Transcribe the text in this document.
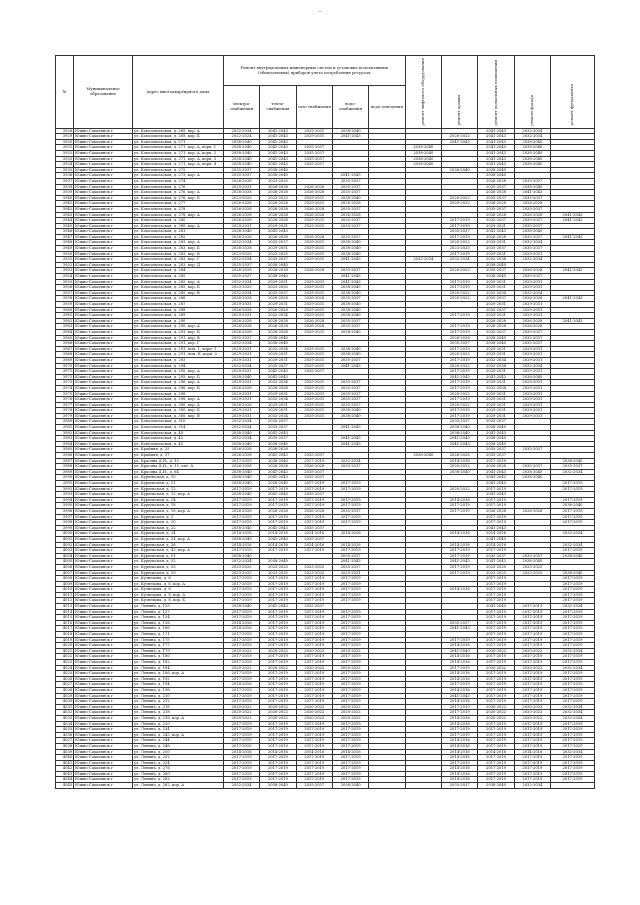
-
№	Муниципальное образование	Адрес многоквартирного дома	Ремонт внутридомовых инженерных систем и установка коллективных (общедомовых) приборов учета потребления ресурсов					ремонт лифтового оборудования	ремонт крыши	ремонт подвальных помещений	ремонт фасада	ремонт фундамента

			электро-снабжения	тепло-снабжения	газо-снабжения	водо-снабжения	водо-отведения					
3928	Южно-Сахалинск г	ул. Комсомольская, д. 269, кор. А	2032-2034	2041-2043	2029-2031	2038-2040				2041-2043	2032-2034	
3929	Южно-Сахалинск г	ул. Комсомольская, д. 269, кор. Б	2022-2024	2041-2043	2029-2031	2041-2043			2020-2022	2041-2043	2032-2034	
3930	Южно-Сахалинск г	ул. Комсомольская, д. 271	2038-2040	2041-2043					2041-2043	2041-2043	2038-2040	
3931	Южно-Сахалинск г	ул. Комсомольская, д. 271, кор. А, корп. 1	2038-2040	2041-2043	2035-2037			2038-2040		2041-2043	2038-2040	
3932	Южно-Сахалинск г	ул. Комсомольская, д. 271, кор. А, корп. 2	2038-2040	2041-2043	2035-2037			2038-2040		2041-2043	2038-2040	
3933	Южно-Сахалинск г	ул. Комсомольская, д. 271, кор. А, корп. 3	2038-2040	2041-2043	2035-2037			2038-2040		2041-2043	2038-2040	
3934	Южно-Сахалинск г	ул. Комсомольская, д. 271, кор. А, корп. 4	2038-2040	2041-2043	2035-2037			2038-2040		2041-2043	2038-2040	
3935	Южно-Сахалинск г	ул. Комсомольская, д. 272	2035-2037	2038-2040					2038-2040	2038-2040		
3936	Южно-Сахалинск г	ул. Комсомольская, д. 273, кор. А	2035-2037	2038-2040		2041-2043				2038-2040		
3937	Южно-Сахалинск г	ул. Комсомольская, д. 274	2026-2028	2023-2025		2035-2037				2026-2028	2035-2037	
3938	Южно-Сахалинск г	ул. Комсомольская, д. 276	2029-2031	2026-2028	2026-2028	2035-2037				2035-2037	2038-2040	
3939	Южно-Сахалинск г	ул. Комсомольская, д. 276, кор. А	2026-2028	2026-2028	2026-2028	2035-2037				2026-2028	2041-2043	
3940	Южно-Сахалинск г	ул. Комсомольская, д. 276, кор. Б	2023-2025	2023-2025	2029-2031	2038-2040			2020-2022	2035-2037	2035-2037	
3941	Южно-Сахалинск г	ул. Комсомольская, д. 277	2026-2028	2026-2028	2029-2031	2026-2028			2020-2022	2026-2028	2026-2028	
3942	Южно-Сахалинск г	ул. Комсомольская, д. 278	2026-2028	2026-2028	2026-2028	2035-2037				2035-2037	2035-2037	
3943	Южно-Сахалинск г	ул. Комсомольская, д. 278, кор. А	2026-2028	2026-2028	2026-2028	2026-2028				2026-2028	2026-2028	2041-2043
3944	Южно-Сахалинск г	ул. Комсомольская, д. 280	2026-2028	2026-2028	2029-2031	2035-2037			2017-2019	2035-2037	2035-2037	2041-2043
3945	Южно-Сахалинск г	ул. Комсомольская, д. 280, кор. А	2029-2031	2029-2031	2029-2031	2035-2037			2017-2019	2029-2031	2035-2037	
3946	Южно-Сахалинск г	ул. Комсомольская, д. 281	2038-2040	2041-2043					2035-2037	2041-2043	2038-2040	
3947	Южно-Сахалинск г	ул. Комсомольская, д. 282	2026-2028	2026-2028	2026-2028	2035-2037			2017-2019	2026-2028	2035-2037	2041-2043
3948	Южно-Сахалинск г	ул. Комсомольская, д. 283, кор. А	2032-2034	2035-2037	2029-2031	2038-2040			2020-2022	2029-2031	2032-2034	
3949	Южно-Сахалинск г	ул. Комсомольская, д. 283, кор. Б	2026-2028	2029-2031	2029-2031	2038-2040			2023-2025	2035-2037	2035-2037	
3950	Южно-Сахалинск г	ул. Комсомольская, д. 283, кор. В	2023-2025	2023-2025	2029-2031	2038-2040			2017-2019	2029-2031	2029-2031	
3951	Южно-Сахалинск г	ул. Комсомольская, д. 283, кор. Г	2032-2034	2035-2037	2029-2031	2041-2043		2032-2034	2032-2034	2032-2034	2032-2034	
3952	Южно-Сахалинск г	ул. Комсомольская, д. 283, кор. Д	2035-2037	2038-2040						2038-2040		
3953	Южно-Сахалинск г	ул. Комсомольская, д. 284	2026-2028	2026-2028	2026-2028	2035-2037			2020-2022	2035-2037	2026-2028	2041-2043
3954	Южно-Сахалинск г	ул. Комсомольская, д. 285	2035-2037	2038-2040		2041-2043				2038-2040	2035-2037	
3955	Южно-Сахалинск г	ул. Комсомольская, д. 285, кор. А	2032-2034	2029-2031	2029-2031	2041-2043			2017-2019	2029-2031	2029-2031	
3956	Южно-Сахалинск г	ул. Комсомольская, д. 285, кор. Б	2023-2025	2023-2025	2029-2031	2038-2040			2017-2019	2029-2031	2029-2031	
3957	Южно-Сахалинск г	ул. Комсомольская, д. 285, кор. В	2032-2034	2035-2037	2029-2031	2038-2040			2020-2022	2032-2034	2032-2034	
3958	Южно-Сахалинск г	ул. Комсомольская, д. 286	2026-2028	2026-2028	2026-2028	2035-2037			2020-2022	2035-2037	2026-2028	2041-2043
3959	Южно-Сахалинск г	ул. Комсомольская, д. 287	2029-2031	2029-2031	2029-2031	2038-2040				2029-2031	2029-2031	
3960	Южно-Сахалинск г	ул. Комсомольская, д. 288	2026-2028	2026-2028	2029-2031	2038-2040				2035-2037	2029-2031	
3961	Южно-Сахалинск г	ул. Комсомольская, д. 289	2029-2031	2032-2034	2029-2031	2038-2040			2017-2019	2029-2031	2029-2031	
3962	Южно-Сахалинск г	ул. Комсомольская, д. 290	2026-2028	2026-2028	2026-2028	2035-2037				2026-2028	2026-2028	2041-2043
3963	Южно-Сахалинск г	ул. Комсомольская, д. 290, кор. А	2026-2028	2026-2028	2026-2028	2035-2037			2017-2019	2026-2028	2026-2028	
3964	Южно-Сахалинск г	ул. Комсомольская, д. 291, кор. Б	2026-2028	2026-2028	2029-2031	2038-2040			2017-2019	2035-2037	2035-2037	
3965	Южно-Сахалинск г	ул. Комсомольская, д. 291, кор. В	2035-2037	2038-2040					2026-2028	2038-2040	2035-2037	
3966	Южно-Сахалинск г	ул. Комсомольская, д. 291, кор. Г	2032-2034	2038-2040					2035-2037	2038-2040	2035-2037	
3967	Южно-Сахалинск г	ул. Комсомольская, д. 291, пом. 1, корп. 1	2029-2031	2032-2034	2029-2031	2038-2040			2017-2019	2029-2031	2029-2031	
3968	Южно-Сахалинск г	ул. Комсомольская, д. 291, пом. II, корп. 2	2029-2031	2029-2031	2029-2031	2038-2040			2020-2022	2029-2031	2029-2031	
3969	Южно-Сахалинск г	ул. Комсомольская, д. 293	2029-2031	2029-2031	2029-2031	2035-2037			2017-2019	2032-2034	2029-2031	
3970	Южно-Сахалинск г	ул. Комсомольская, д. 294	2032-2034	2035-2037	2029-2031	2041-2043			2020-2022	2032-2034	2032-2034	
3971	Южно-Сахалинск г	ул. Комсомольская, д. 295, кор. А	2029-2031	2041-2043	2035-2037				2017-2019	2029-2031	2029-2031	
3972	Южно-Сахалинск г	ул. Комсомольская, д. 295, кор. Б	2038-2040	2041-2043					2041-2043	2041-2043	2038-2040	
3973	Южно-Сахалинск г	ул. Комсомольская, д. 296, кор. А	2029-2031	2032-2034	2029-2031	2035-2037			2017-2019	2029-2031	2029-2031	
3974	Южно-Сахалинск г	ул. Комсомольская, д. 296, кор. Б	2026-2028	2026-2028	2029-2031	2035-2037			2017-2019	2032-2034	2029-2031	
3975	Южно-Сахалинск г	ул. Комсомольская, д. 298	2029-2031	2029-2031	2029-2031	2035-2037			2020-2022	2029-2031	2029-2031	
3976	Южно-Сахалинск г	ул. Комсомольская, д. 298, кор. А	2029-2031	2032-2034	2029-2031	2035-2037			2017-2019	2029-2031	2029-2031	
3977	Южно-Сахалинск г	ул. Комсомольская, д. 300, кор. А	2026-2028	2029-2031	2029-2031	2035-2037			2020-2022	2029-2031	2029-2031	
3978	Южно-Сахалинск г	ул. Комсомольская, д. 300, кор. Б	2029-2031	2029-2031	2029-2031	2038-2040			2017-2019	2029-2031	2029-2031	
3979	Южно-Сахалинск г	ул. Комсомольская, д. 300, кор. В	2029-2031	2032-2034	2029-2031	2038-2040			2017-2019	2029-2031	2029-2031	
3980	Южно-Сахалинск г	ул. Комсомольская, д. 310	2032-2034	2035-2037					2035-2037	2035-2037		
3981	Южно-Сахалинск г	ул. Комсомольская, д. 314	2032-2034	2035-2037		2041-2043			2038-2040	2038-2040		
3982	Южно-Сахалинск г	ул. Комсомольская, д. 40	2038-2040	2041-2043					2038-2040	2041-2043		
3983	Южно-Сахалинск г	ул. Комсомольская, д. 42	2032-2034	2035-2037		2041-2043			2041-2043	2038-2040		
3984	Южно-Сахалинск г	ул. Комсомольская, д. 45	2038-2040	2038-2040		2041-2043			2041-2043	2038-2040		
3985	Южно-Сахалинск г	ул. Крайняя, д. 25	2026-2028	2026-2028						2035-2037	2035-2037	
3986	Южно-Сахалинск г	ул. Крайняя, д. 37	2026-2028	2041-2043	2035-2037			2038-2040	2026-2028	2035-2037		
3987	Южно-Сахалинск г	ул. Красина Д.И., д. 15	2017-2019	2038-2040	2017-2019	2032-2034			2014-2016	2017-2019		2038-2040
3988	Южно-Сахалинск г	ул. Красина Д.И., д. 15, лит. А	2026-2028	2026-2028	2026-2028	2035-2037			2020-2022	2026-2028	2035-2037	2035-2037
3989	Южно-Сахалинск г	ул. Красина Д.И., д. 64	2038-2040	2041-2043	2035-2037				2038-2040	2041-2043	2038-2040	2032-2034
3990	Южно-Сахалинск г	ул. Курильская, д. 10	2038-2040	2041-2043	2035-2037					2041-2043	2038-2040	
3991	Южно-Сахалинск г	ул. Курильская, д. 11	2038-2040	2038-2040	2017-2019	2017-2019				2041-2043		2017-2019
3992	Южно-Сахалинск г	ул. Курильская, д. 12	2017-2019	2017-2019	2017-2019	2017-2019			2020-2022	2017-2019		2017-2019
3993	Южно-Сахалинск г	ул. Курильская, д. 12, кор. А	2038-2040	2041-2043	2035-2037					2041-2043		
3994	Южно-Сахалинск г	ул. Курильская, д. 14	2017-2019	2017-2019	2017-2019	2017-2019			2014-2016	2017-2019		2017-2019
3995	Южно-Сахалинск г	ул. Курильская, д. 18	2017-2019	2017-2019	2017-2019	2017-2019			2017-2019	2017-2019		2038-2040
3996	Южно-Сахалинск г	ул. Курильская, д. 18, кор. А	2026-2028	2026-2028	2026-2028	2035-2037			2017-2019	2026-2028	2026-2028	2017-2019
3997	Южно-Сахалинск г	ул. Курильская, д. 2	2017-2019	2017-2019	2017-2019	2017-2019				2017-2019		2017-2019
3998	Южно-Сахалинск г	ул. Курильская, д. 20	2017-2019	2017-2019	2017-2019	2017-2019				2017-2019		2017-2019
3999	Южно-Сахалинск г	ул. Курильская, д. 22	2038-2040	2041-2043	2035-2037					2041-2043		
4000	Южно-Сахалинск г	ул. Курильская, д. 24	2014-2016	2014-2016	2014-2016	2014-2016			2014-2016	2014-2016		2032-2034
4001	Южно-Сахалинск г	ул. Курильская, д. 24, кор. А	2038-2040	2041-2043	2035-2037					2041-2043		
4002	Южно-Сахалинск г	ул. Курильская, д. 26	2014-2016	2014-2016	2014-2016	2014-2016			2014-2016	2014-2016		2032-2034
4003	Южно-Сахалинск г	ул. Курильская, д. 43, кор. А	2017-2019	2017-2019	2017-2019	2017-2019			2017-2019	2017-2019		2017-2019
4004	Южно-Сахалинск г	ул. Курильская, д. 51	2038-2040			2035-2037			2017-2019	2035-2037	2035-2037	2038-2040
4005	Южно-Сахалинск г	ул. Курильская, д. 52	2032-2034	2038-2040		2041-2043			2041-2043	2041-2043	2038-2040	
4006	Южно-Сахалинск г	ул. Курильская, д. 53	2023-2025	2023-2025	2023-2025	2035-2037			2017-2019	2023-2025	2023-2025	
4007	Южно-Сахалинск г	ул. Курильская, д. 59	2023-2025	2023-2025	2023-2025	2029-2031			2017-2019	2023-2025	2023-2025	2038-2040
4008	Южно-Сахалинск г	ул. Кузнецова, д. 6	2017-2019	2017-2019	2017-2019	2017-2019				2017-2019		2017-2019
4009	Южно-Сахалинск г	ул. Кузнецова, д. 6, кор. А	2017-2019	2017-2019	2017-2019	2017-2019				2017-2019		2017-2019
4010	Южно-Сахалинск г	ул. Кузнецова, д. 8	2017-2019	2017-2019	2017-2019	2017-2019			2014-2016	2017-2019		2017-2019
4011	Южно-Сахалинск г	ул. Кузнецова, д. 8, кор. А	2017-2019	2017-2019	2017-2019	2017-2019				2017-2019		2017-2019
4012	Южно-Сахалинск г	ул. Кузнецова, д. 8, кор. Б	2017-2019	2017-2019	2017-2019	2017-2019				2017-2019		2017-2019
4013	Южно-Сахалинск г	ул. Ленина, д. 125	2038-2040	2041-2043	2035-2037					2041-2043	2017-2019	2032-2034
4014	Южно-Сахалинск г	ул. Ленина, д. 127	2017-2019	2017-2019	2017-2019	2017-2019				2017-2019	2017-2019	2017-2019
4015	Южно-Сахалинск г	ул. Ленина, д. 154	2017-2019	2017-2019	2017-2019	2017-2019				2017-2019	2017-2019	2017-2019
4016	Южно-Сахалинск г	ул. Ленина, д. 156	2014-2016	2017-2019	2017-2019	2017-2019			2035-2037	2017-2019	2017-2019	2017-2019
4017	Южно-Сахалинск г	ул. Ленина, д. 166	2014-2016	2017-2019	2017-2019	2017-2019			2041-2043	2017-2019	2017-2019	2017-2019
4018	Южно-Сахалинск г	ул. Ленина, д. 171	2017-2019	2017-2019	2017-2019	2017-2019				2017-2019	2017-2019	2017-2019
4019	Южно-Сахалинск г	ул. Ленина, д. 175	2017-2019	2017-2019	2017-2019	2017-2019			2017-2019	2017-2019	2017-2019	2017-2019
4020	Южно-Сахалинск г	ул. Ленина, д. 177	2017-2019	2017-2019	2017-2019	2017-2019			2014-2016	2017-2019	2017-2019	2017-2019
4021	Южно-Сахалинск г	ул. Ленина, д. 179	2020-2022	2020-2022	2020-2022	2020-2022			2041-2043	2020-2022	2020-2022	2032-2034
4022	Южно-Сахалинск г	ул. Ленина, д. 180	2017-2019	2017-2019	2017-2019	2017-2019			2014-2016	2017-2019	2017-2019	2017-2019
4023	Южно-Сахалинск г	ул. Ленина, д. 182	2017-2019	2017-2019	2017-2019	2017-2019			2014-2016	2017-2019	2017-2019	2017-2019
4024	Южно-Сахалинск г	ул. Ленина, д. 184	2020-2022	2020-2022	2020-2022	2020-2022			2017-2019	2020-2022	2020-2022	2032-2034
4025	Южно-Сахалинск г	ул. Ленина, д. 186, кор. А	2017-2019	2017-2019	2017-2019	2017-2019			2014-2016	2017-2019	2017-2019	2017-2019
4026	Южно-Сахалинск г	ул. Ленина, д. 192	2017-2019	2017-2019	2017-2019	2017-2019			2014-2016	2017-2019	2017-2019	2017-2019
4027	Южно-Сахалинск г	ул. Ленина, д. 194	2014-2016	2017-2019	2017-2019	2017-2019			2017-2019	2017-2019	2017-2019	2017-2019
4028	Южно-Сахалинск г	ул. Ленина, д. 196	2017-2019	2017-2019	2017-2019	2017-2019			2014-2016	2017-2019	2017-2019	2017-2019
4029	Южно-Сахалинск г	ул. Ленина, д. 210	2017-2019	2017-2019	2017-2019	2017-2019			2041-2043	2017-2019	2017-2019	2017-2019
4030	Южно-Сахалинск г	ул. Ленина, д. 212	2017-2019	2017-2019	2017-2019	2017-2019			2014-2016	2017-2019	2017-2019	2017-2019
4031	Южно-Сахалинск г	ул. Ленина, д. 216	2020-2022	2020-2022	2020-2022	2020-2022			2017-2019	2020-2022	2020-2022	2032-2034
4032	Южно-Сахалинск г	ул. Ленина, д. 218	2020-2022	2020-2022	2020-2022	2020-2022			2017-2019	2020-2022	2020-2022	2032-2034
4033	Южно-Сахалинск г	ул. Ленина, д. 218, кор. А	2020-2022	2020-2022	2020-2022	2020-2022			2014-2016	2020-2022	2020-2022	2032-2034
4034	Южно-Сахалинск г	ул. Ленина, д. 220	2017-2019	2017-2019	2017-2019	2017-2019			2014-2016	2017-2019	2017-2019	2017-2019
4035	Южно-Сахалинск г	ул. Ленина, д. 234	2017-2019	2017-2019	2017-2019	2017-2019			2017-2019	2017-2019	2017-2019	2017-2019
4036	Южно-Сахалинск г	ул. Ленина, д. 243, кор. А	2017-2019	2017-2019	2017-2019	2017-2019			2017-2019	2017-2019	2017-2019	2017-2019
4037	Южно-Сахалинск г	ул. Ленина, д. 244	2017-2019	2017-2019	2017-2019	2017-2019			2014-2016	2017-2019	2017-2019	2017-2019
4038	Южно-Сахалинск г	ул. Ленина, д. 246	2017-2019	2017-2019	2017-2019	2017-2019			2014-2016	2017-2019	2017-2019	2017-2019
4039	Южно-Сахалинск г	ул. Ленина, д. 250	2014-2016	2014-2016	2014-2016	2014-2016			2014-2016	2014-2016	2014-2016	2032-2034
4040	Южно-Сахалинск г	ул. Ленина, д. 252	2017-2019	2017-2019	2017-2019	2017-2019			2014-2016	2017-2019	2017-2019	2017-2019
4041	Южно-Сахалинск г	ул. Ленина, д. 254	2017-2019	2017-2019	2017-2019	2017-2019			2017-2019	2017-2019	2017-2019	2017-2019
4042	Южно-Сахалинск г	ул. Ленина, д. 276	2017-2019	2017-2019	2017-2019	2017-2019			2014-2016	2017-2019	2017-2019	2017-2019
4043	Южно-Сахалинск г	ул. Ленина, д. 280	2017-2019	2017-2019	2017-2019	2017-2019			2014-2016	2017-2019	2017-2019	2017-2019
4044	Южно-Сахалинск г	ул. Ленина, д. 282	2017-2019	2017-2019	2017-2019	2017-2019			2014-2016	2017-2019	2017-2019	2017-2019
4045	Южно-Сахалинск г	ул. Ленина, д. 282, кор. А	2032-2034	2038-2040	2035-2037	2038-2040			2035-2037	2038-2040	2032-2034	
